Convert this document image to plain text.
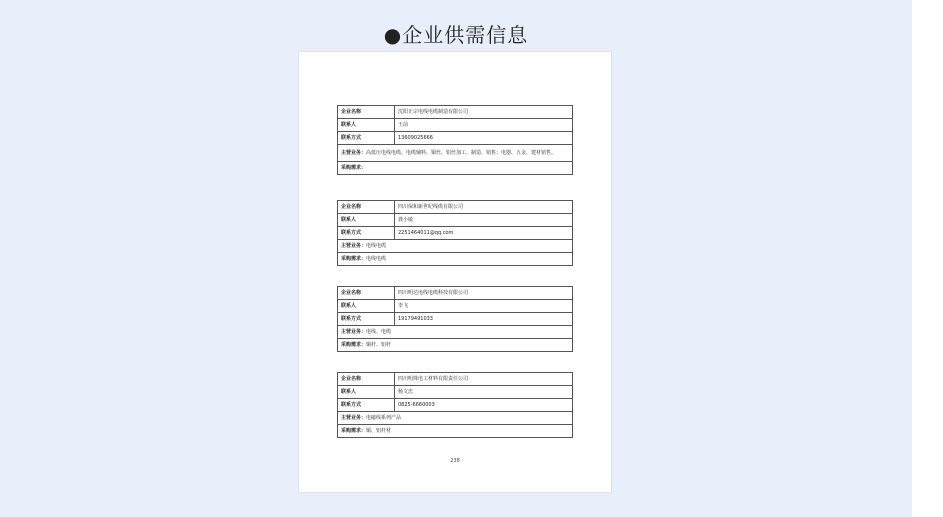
●企业供需信息
企业名称	沈阳正宗电线电缆制造有限公司
联系人	王前
联系方式	13609025666
主营业务：高低压电线电缆、电缆辅料、铜丝、铝丝加工、制造、销售；电器、五金、建材销售。	
采购需求：	
企业名称	四川保和新世纪线缆有限公司
联系人	龚小敏
联系方式	2251464011@qq.com
主营业务：电线电缆	
采购需求：电线电缆	
企业名称	四川明达电线电缆科技有限公司
联系人	李飞
联系方式	19179491033
主营业务：电线、电缆	
采购需求：铜杆、铝杆	
企业名称	四川明珠电工材料有限责任公司
联系人	杨文忠
联系方式	0825-6660003
主营业务：电磁线系列产品	
采购需求：铜、铝杆材	
238
